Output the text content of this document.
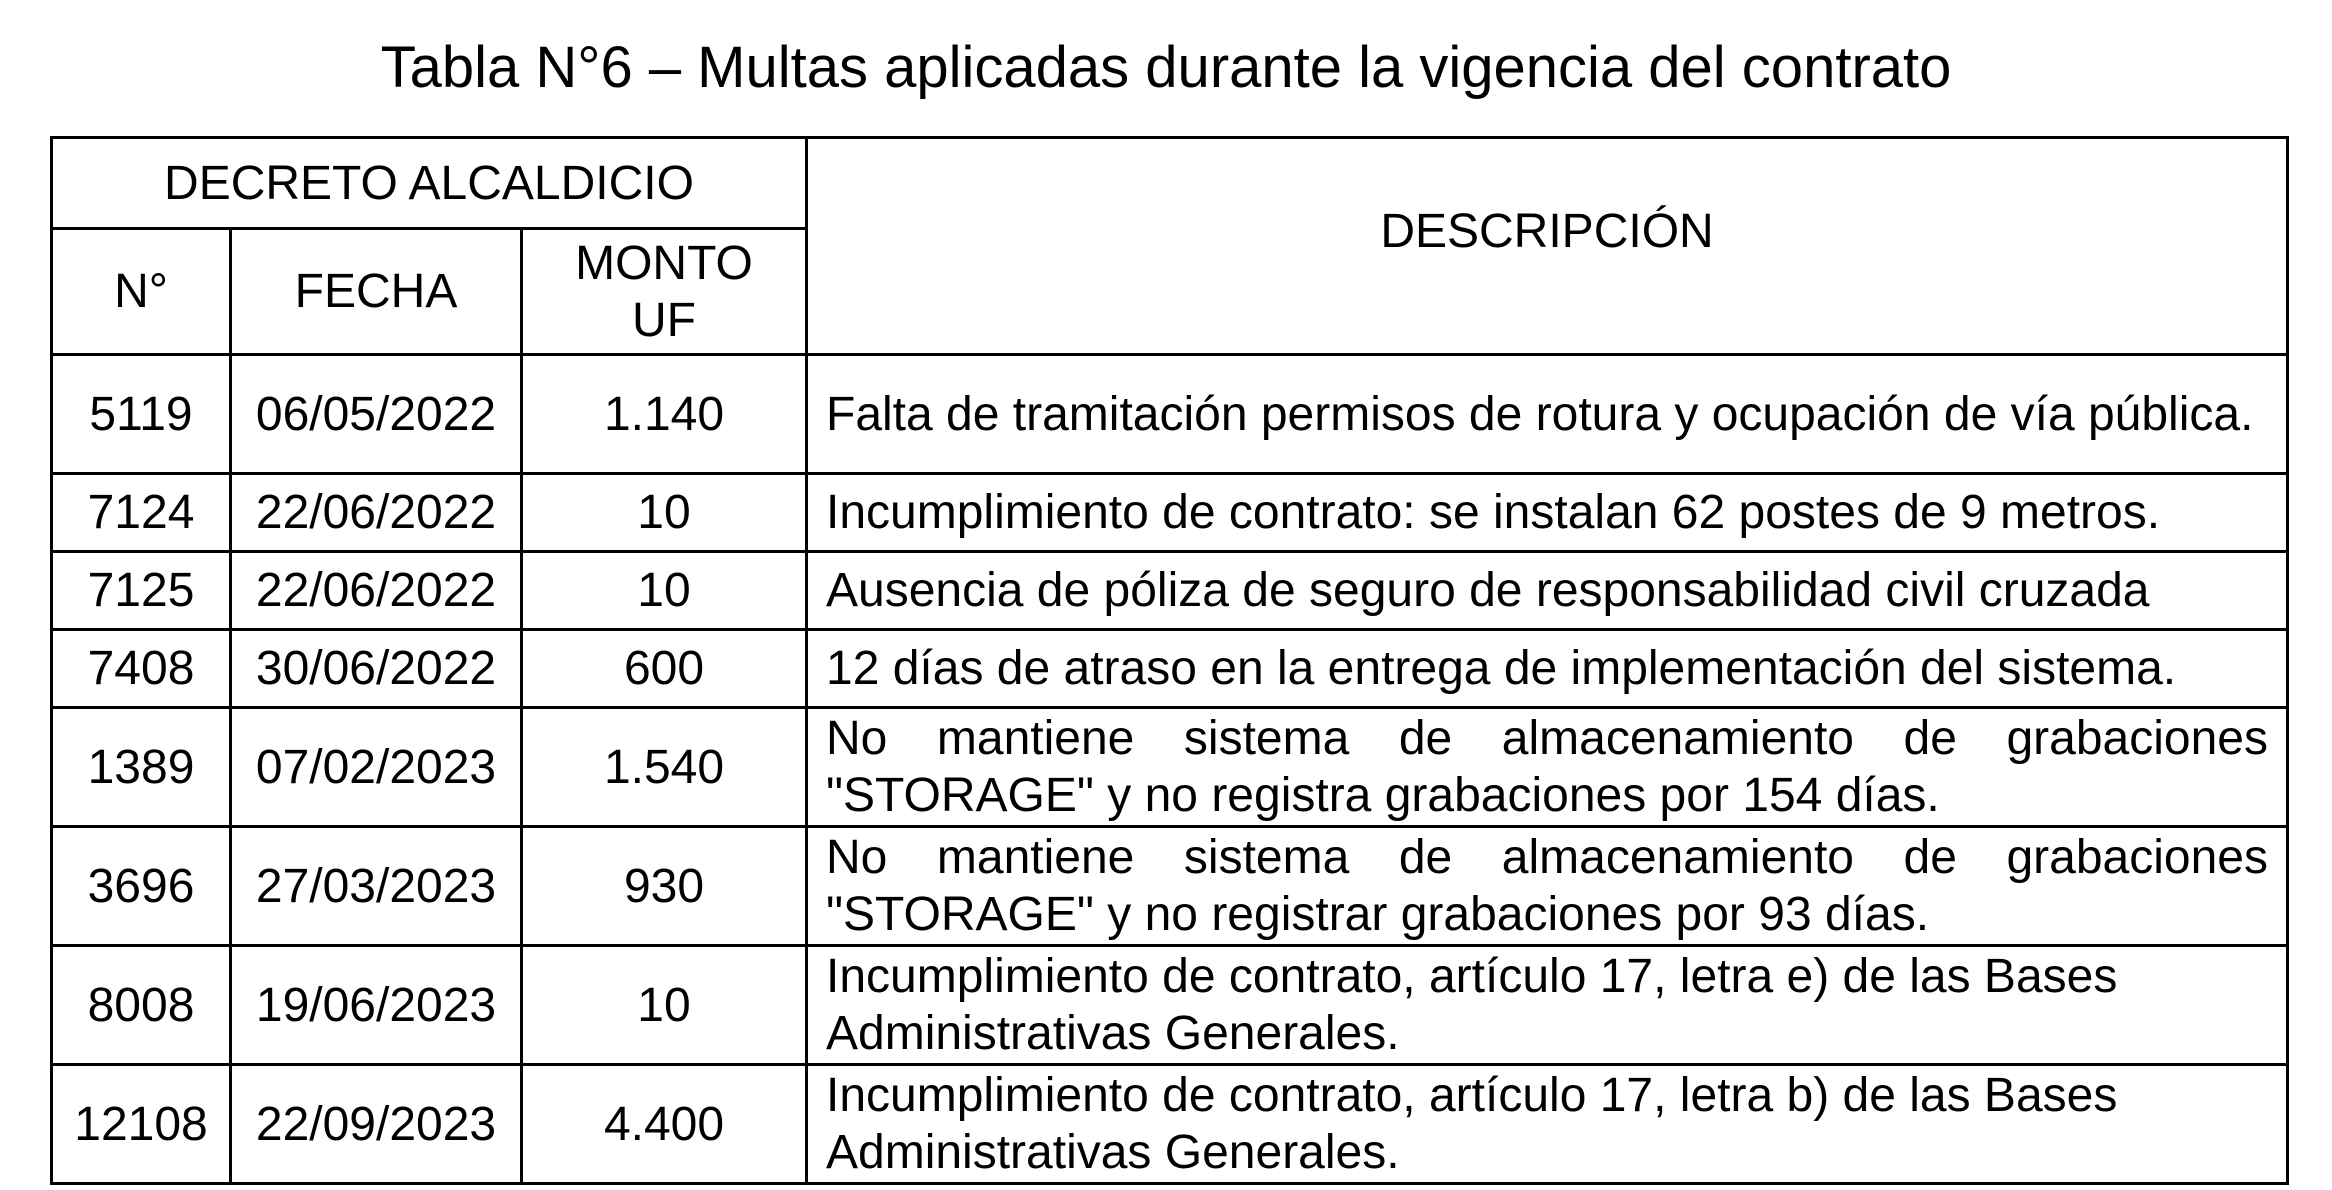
Tabla N°6 – Multas aplicadas durante la vigencia del contrato
DECRETO ALCALDICIO			DESCRIPCIÓN
N°	FECHA	MONTO
UF	
5119	06/05/2022	1.140	Falta de tramitación permisos de rotura y ocupación de vía pública.
7124	22/06/2022	10	Incumplimiento de contrato: se instalan 62 postes de 9 metros.
7125	22/06/2022	10	Ausencia de póliza de seguro de responsabilidad civil cruzada
7408	30/06/2022	600	12 días de atraso en la entrega de implementación del sistema.
1389	07/02/2023	1.540	No mantiene sistema de almacenamiento de grabaciones "STORAGE" y no registra grabaciones por 154 días.
3696	27/03/2023	930	No mantiene sistema de almacenamiento de grabaciones "STORAGE" y no registrar grabaciones por 93 días.
8008	19/06/2023	10	Incumplimiento de contrato, artículo 17, letra e) de las Bases Administrativas Generales.
12108	22/09/2023	4.400	Incumplimiento de contrato, artículo 17, letra b) de las Bases Administrativas Generales.
